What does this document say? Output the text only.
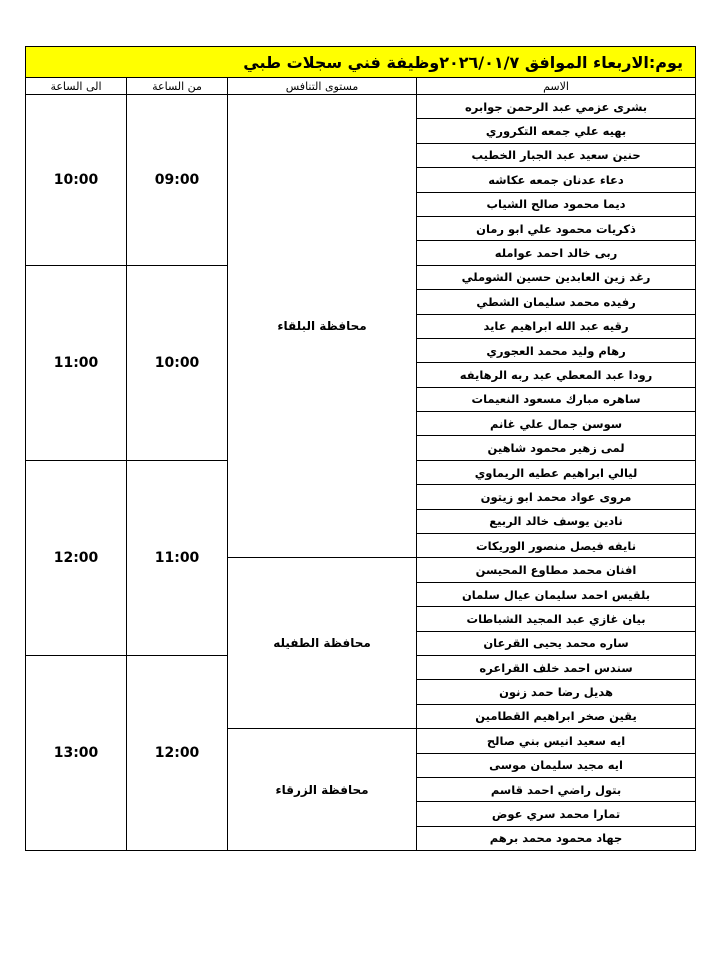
يوم:الاربعاء الموافق ٢٠٢٦/٠١/٧وظيفة فني سجلات طبي			
الاسم	مستوى التنافس	من الساعة	الى الساعة
بشرى عزمي عبد الرحمن جوابره	محافظة البلقاء	09:00	10:00
بهيه علي جمعه التكروري			
حنين سعيد عبد الجبار الخطيب			
دعاء عدنان جمعه عكاشه			
ديما محمود صالح الشياب			
ذكريات محمود علي ابو رمان			
ربى خالد احمد عوامله			
رغد زين العابدين حسين الشوملي		10:00	11:00
رفيده محمد سليمان الشطي			
رقيه عبد الله ابراهيم عايد			
رهام وليد محمد العجوري			
رودا عبد المعطي عبد ربه الرهايفه			
ساهره مبارك مسعود النعيمات			
سوسن جمال علي غانم			
لمى زهير محمود شاهين			
ليالي ابراهيم عطيه الريماوي		11:00	12:00
مروى عواد محمد ابو زيتون			
نادين يوسف خالد الربيع			
نايفه فيصل منصور الوريكات			
افنان محمد مطاوع المحيسن	محافظة الطفيله		
بلقيس احمد سليمان عيال سلمان			
بيان غازي عبد المجيد الشباطات			
ساره محمد يحيى القرعان			
سندس احمد خلف القراعره		12:00	13:00
هديل رضا حمد زنون			
يقين صخر ابراهيم القطامين			
ايه سعيد انيس بني صالح	محافظة الزرقاء		
ايه مجيد سليمان موسى			
بتول راضي احمد قاسم			
تمارا محمد سري عوض			
جهاد محمود محمد برهم			
